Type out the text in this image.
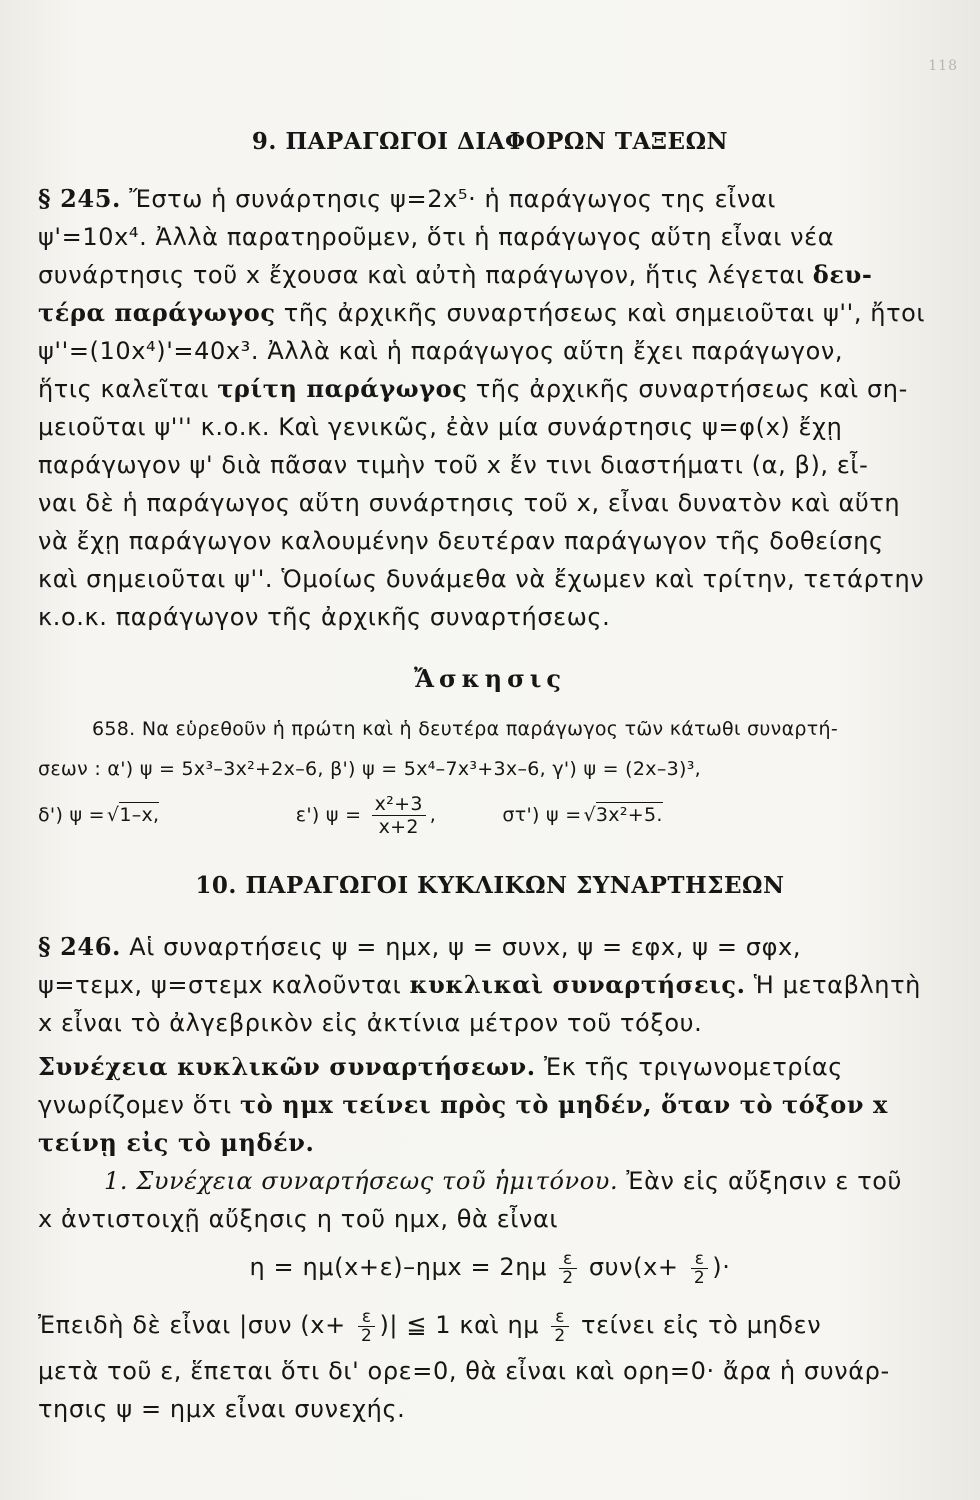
118
9. ΠΑΡΑΓΩΓΟΙ ΔΙΑΦΟΡΩΝ ΤΑΞΕΩΝ
§ 245. Ἔστω ἡ συνάρτησις ψ=2x⁵· ἡ παράγωγος της εἶναι
ψ'=10x⁴. Ἀλλὰ παρατηροῦμεν, ὅτι ἡ παράγωγος αὕτη εἶναι νέα
συνάρτησις τοῦ x ἔχουσα καὶ αὐτὴ παράγωγον, ἥτις λέγεται δευ-
τέρα παράγωγος τῆς ἀρχικῆς συναρτήσεως καὶ σημειοῦται ψ'', ἤτοι
ψ''=(10x⁴)'=40x³. Ἀλλὰ καὶ ἡ παράγωγος αὕτη ἔχει παράγωγον,
ἥτις καλεῖται τρίτη παράγωγος τῆς ἀρχικῆς συναρτήσεως καὶ ση-
μειοῦται ψ''' κ.ο.κ. Καὶ γενικῶς, ἐὰν μία συνάρτησις ψ=φ(x) ἔχῃ
παράγωγον ψ' διὰ πᾶσαν τιμὴν τοῦ x ἔν τινι διαστήματι (α, β), εἶ-
ναι δὲ ἡ παράγωγος αὕτη συνάρτησις τοῦ x, εἶναι δυνατὸν καὶ αὕτη
νὰ ἔχῃ παράγωγον καλουμένην δευτέραν παράγωγον τῆς δοθείσης
καὶ σημειοῦται ψ''. Ὁμοίως δυνάμεθα νὰ ἔχωμεν καὶ τρίτην, τετάρτην
κ.ο.κ. παράγωγον τῆς ἀρχικῆς συναρτήσεως.
Ἄσκησις
658. Να εὑρεθοῦν ἡ πρώτη καὶ ἡ δευτέρα παράγωγος τῶν κάτωθι συναρτή-
σεων : α') ψ = 5x³–3x²+2x–6, β') ψ = 5x⁴–7x³+3x–6, γ') ψ = (2x–3)³,
δ') ψ = √1–x,	ε') $\psi = \frac{\text{x²+3}}{x+2}$ ,	στ') ψ = √3x²+5.
10. ΠΑΡΑΓΩΓΟΙ ΚΥΚΛΙΚΩΝ ΣΥΝΑΡΤΗΣΕΩΝ
§ 246. Αἱ συναρτήσεις ψ = ημx, ψ = συνx, ψ = εφx, ψ = σφx,
ψ=τεμx, ψ=στεμx καλοῦνται κυκλικαὶ συναρτήσεις. Ἡ μεταβλητὴ
x εἶναι τὸ ἀλγεβρικὸν εἰς ἀκτίνια μέτρον τοῦ τόξου.
Συνέχεια κυκλικῶν συναρτήσεων. Ἐκ τῆς τριγωνομετρίας
γνωρίζομεν ὅτι τὸ ημx τείνει πρὸς τὸ μηδέν, ὅταν τὸ τόξον x
τείνῃ εἰς τὸ μηδέν.
1. Συνέχεια συναρτήσεως τοῦ ἡμιτόνου. Ἐὰν εἰς αὔξησιν ε τοῦ
x ἀντιστοιχῇ αὔξησις η τοῦ ημx, θὰ εἶναι
$\eta = \eta\mu(x+\varepsilon)-\eta\mu x = 2\eta\mu \frac{\varepsilon}{2} \sigma\upsilon\nu(x+ \frac{\varepsilon}{2}$ )·
Ἐπειδὴ δὲ εἶναι |συν ($x+ \frac{\varepsilon}{2}$ )| ≦ 1 καὶ ημ $\frac{\varepsilon}{2}$ τείνει εἰς τὸ μηδεν
μετὰ τοῦ ε, ἕπεται ὅτι δι' ορε=0, θὰ εἶναι καὶ ορη=0· ἄρα ἡ συνάρ-
τησις ψ = ημx εἶναι συνεχής.
